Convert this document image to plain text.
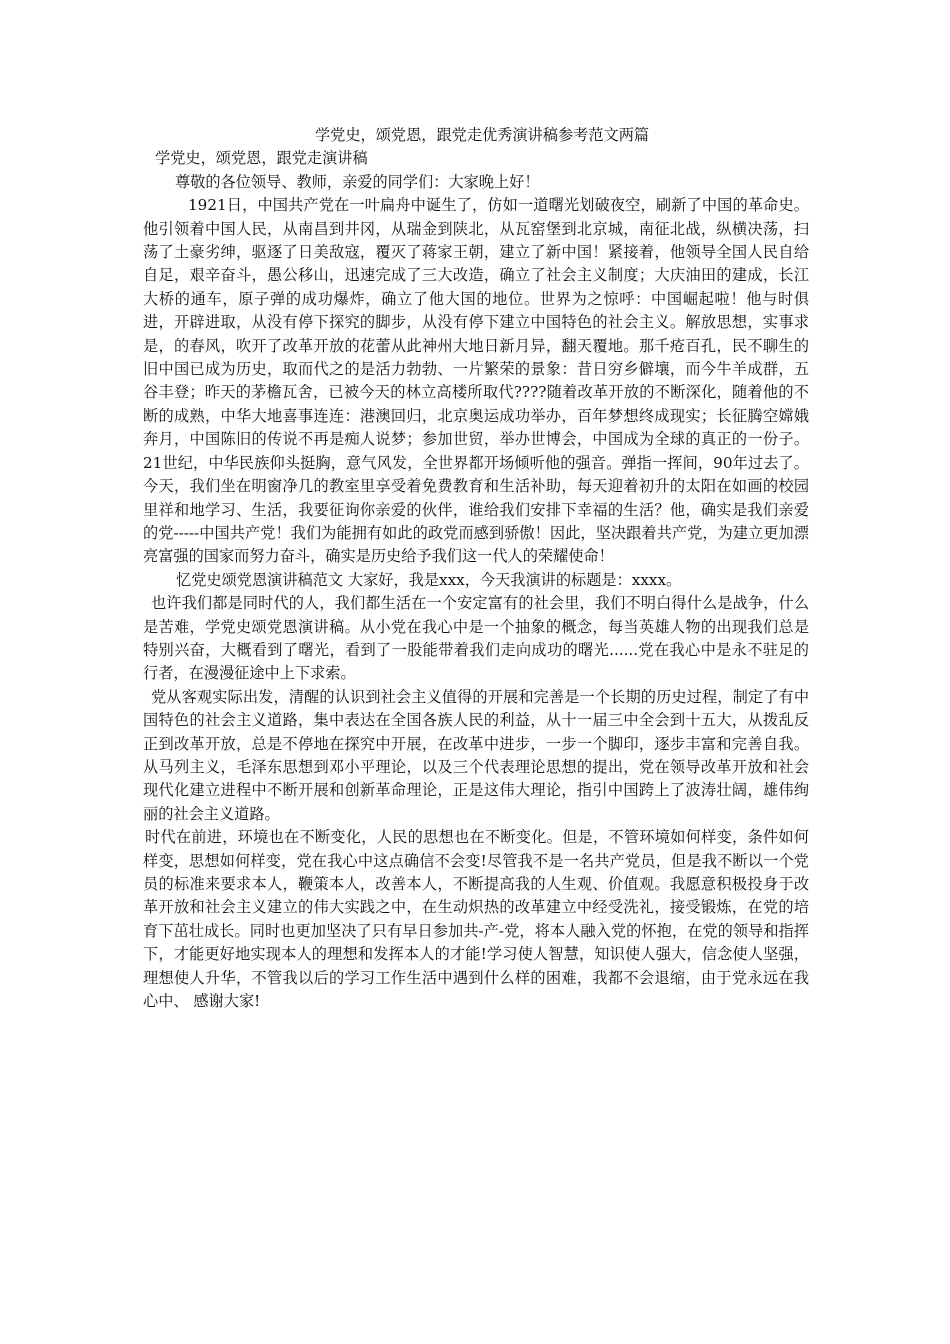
学党史，颂党恩，跟党走优秀演讲稿参考范文两篇

学党史，颂党恩，跟党走演讲稿

尊敬的各位领导、教师，亲爱的同学们：大家晚上好！

1921日，中国共产党在一叶扁舟中诞生了，仿如一道曙光划破夜空，刷新了中国的革命史。他引领着中国人民，从南昌到井冈，从瑞金到陕北，从瓦窑堡到北京城，南征北战，纵横决荡，扫荡了土豪劣绅，驱逐了日美敌寇，覆灭了蒋家王朝，建立了新中国！紧接着，他领导全国人民自给自足，艰辛奋斗，愚公移山，迅速完成了三大改造，确立了社会主义制度；大庆油田的建成，长江大桥的通车，原子弹的成功爆炸，确立了他大国的地位。世界为之惊呼：中国崛起啦！他与时俱进，开辟进取，从没有停下探究的脚步，从没有停下建立中国特色的社会主义。解放思想，实事求是，的春风，吹开了改革开放的花蕾从此神州大地日新月异，翻天覆地。那千疮百孔，民不聊生的旧中国已成为历史，取而代之的是活力勃勃、一片繁荣的景象：昔日穷乡僻壤，而今牛羊成群，五谷丰登；昨天的茅檐瓦舍，已被今天的林立高楼所取代????随着改革开放的不断深化，随着他的不断的成熟，中华大地喜事连连：港澳回归，北京奥运成功举办，百年梦想终成现实；长征腾空嫦娥奔月，中国陈旧的传说不再是痴人说梦；参加世贸，举办世博会，中国成为全球的真正的一份子。21世纪，中华民族仰头挺胸，意气风发，全世界都开场倾听他的强音。弹指一挥间，90年过去了。今天，我们坐在明窗净几的教室里享受着免费教育和生活补助，每天迎着初升的太阳在如画的校园里祥和地学习、生活，我要征询你亲爱的伙伴，谁给我们安排下幸福的生活？他，确实是我们亲爱的党-----中国共产党！我们为能拥有如此的政党而感到骄傲！因此，坚决跟着共产党，为建立更加漂亮富强的国家而努力奋斗，确实是历史给予我们这一代人的荣耀使命！

忆党史颂党恩演讲稿范文 大家好，我是xxx，今天我演讲的标题是：xxxx。

也许我们都是同时代的人，我们都生活在一个安定富有的社会里，我们不明白得什么是战争，什么是苦难，学党史颂党恩演讲稿。从小党在我心中是一个抽象的概念，每当英雄人物的出现我们总是特别兴奋，大概看到了曙光，看到了一股能带着我们走向成功的曙光......党在我心中是永不驻足的行者，在漫漫征途中上下求索。

党从客观实际出发，清醒的认识到社会主义值得的开展和完善是一个长期的历史过程，制定了有中国特色的社会主义道路，集中表达在全国各族人民的利益，从十一届三中全会到十五大，从拨乱反正到改革开放，总是不停地在探究中开展，在改革中进步，一步一个脚印，逐步丰富和完善自我。从马列主义，毛泽东思想到邓小平理论，以及三个代表理论思想的提出，党在领导改革开放和社会现代化建立进程中不断开展和创新革命理论，正是这伟大理论，指引中国跨上了波涛壮阔，雄伟绚丽的社会主义道路。

时代在前进，环境也在不断变化，人民的思想也在不断变化。但是，不管环境如何样变，条件如何样变，思想如何样变，党在我心中这点确信不会变!尽管我不是一名共产党员，但是我不断以一个党员的标准来要求本人，鞭策本人，改善本人，不断提高我的人生观、价值观。我愿意积极投身于改革开放和社会主义建立的伟大实践之中，在生动炽热的改革建立中经受洗礼，接受锻炼，在党的培育下茁壮成长。同时也更加坚决了只有早日参加共-产-党，将本人融入党的怀抱，在党的领导和指挥下，才能更好地实现本人的理想和发挥本人的才能!学习使人智慧，知识使人强大，信念使人坚强，理想使人升华，不管我以后的学习工作生活中遇到什么样的困难，我都不会退缩，由于党永远在我心中、 感谢大家!
